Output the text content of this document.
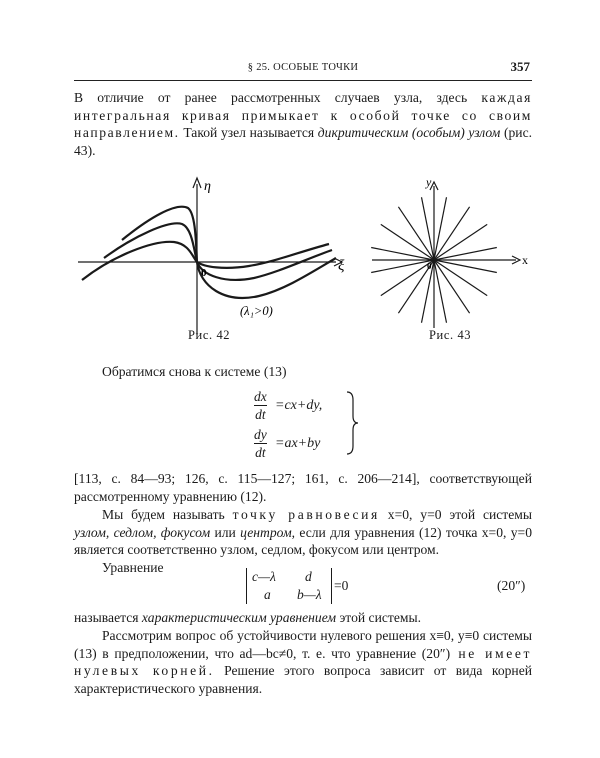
§ 25. ОСОБЫЕ ТОЧКИ	357

В отличие от ранее рассмотренных случаев узла, здесь каждая интегральная кривая примыкает к особой точке со своим направлением. Такой узел называется дикритическим (особым) узлом (рис. 43).

0	ξ
η
(λ₁>0)
Рис. 42
x
y
0
Рис. 43

Обратимся снова к системе (13)

dx
dt
=cx+dy,
dy
dt
=ax+by

[113, с. 84—93; 126, с. 115—127; 161, с. 206—214], соответствующей рассмотренному уравнению (12).

Мы будем называть точку равновесия x=0, y=0 этой системы узлом, седлом, фокусом или центром, если для уравнения (12) точка x=0, y=0 является соответственно узлом, седлом, фокусом или центром.

Уравнение

c—λ d
a b—λ
=0	(20″)

называется характеристическим уравнением этой системы.

Рассмотрим вопрос об устойчивости нулевого решения x≡0, y≡0 системы (13) в предположении, что ad—bc≠0, т. е. что уравнение (20″) не имеет нулевых корней. Решение этого вопроса зависит от вида корней характеристического уравнения.
